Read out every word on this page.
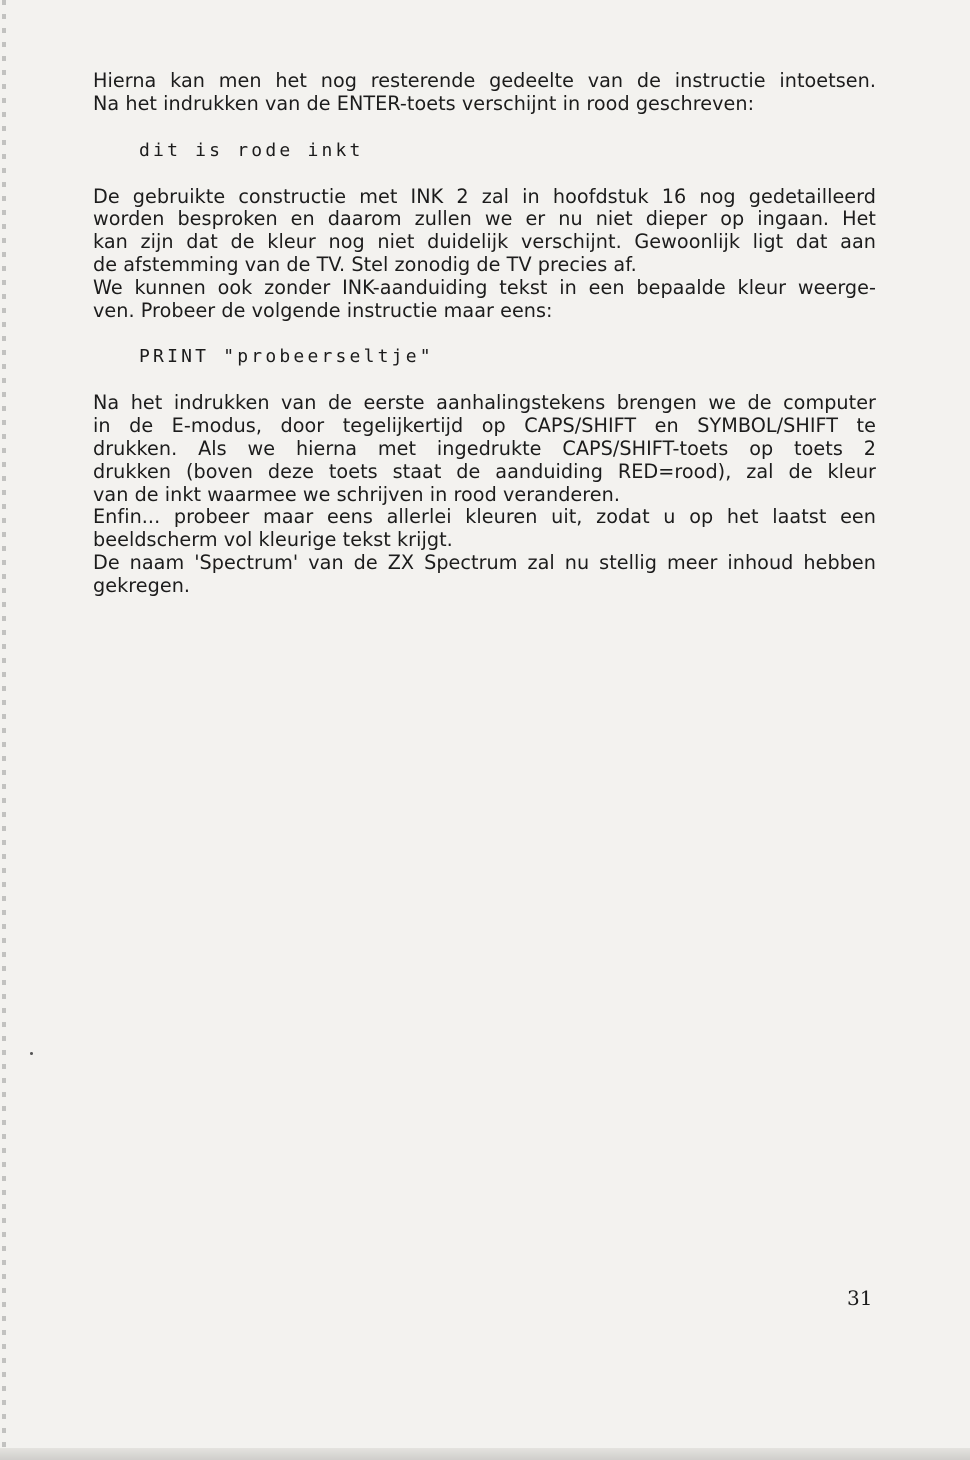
Hierna kan men het nog resterende gedeelte van de instructie intoetsen.
Na het indrukken van de ENTER-toets verschijnt in rood geschreven:

dit is rode inkt

De gebruikte constructie met INK 2 zal in hoofdstuk 16 nog gedetailleerd
worden besproken en daarom zullen we er nu niet dieper op ingaan. Het
kan zijn dat de kleur nog niet duidelijk verschijnt. Gewoonlijk ligt dat aan
de afstemming van de TV. Stel zonodig de TV precies af.
We kunnen ook zonder INK-aanduiding tekst in een bepaalde kleur weerge-
ven. Probeer de volgende instructie maar eens:

PRINT "probeerseltje"

Na het indrukken van de eerste aanhalingstekens brengen we de computer
in de E-modus, door tegelijkertijd op CAPS/SHIFT en SYMBOL/SHIFT te
drukken. Als we hierna met ingedrukte CAPS/SHIFT-toets op toets 2
drukken (boven deze toets staat de aanduiding RED=rood), zal de kleur
van de inkt waarmee we schrijven in rood veranderen.
Enfin... probeer maar eens allerlei kleuren uit, zodat u op het laatst een
beeldscherm vol kleurige tekst krijgt.
De naam 'Spectrum' van de ZX Spectrum zal nu stellig meer inhoud hebben
gekregen.

31
